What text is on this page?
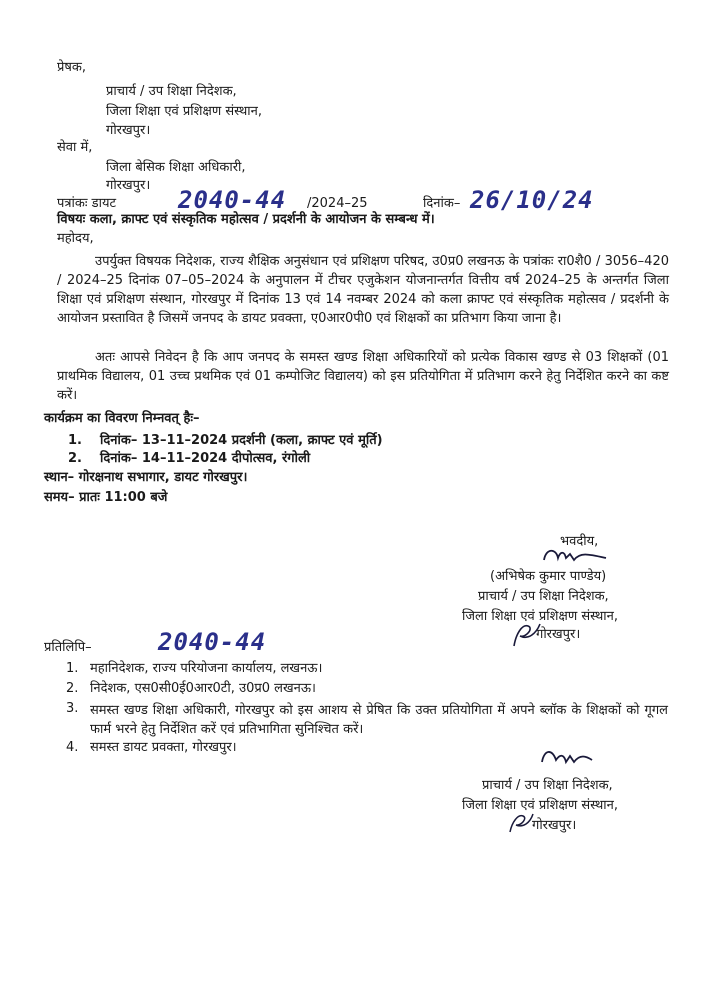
प्रेषक,
प्राचार्य / उप शिक्षा निदेशक,
जिला शिक्षा एवं प्रशिक्षण संस्थान,
गोरखपुर।
सेवा में,
जिला बेसिक शिक्षा अधिकारी,
गोरखपुर।
पत्रांकः डायट	2040-44 /2024–25	दिनांक– 26/10/24
विषयः कला, क्राफ्ट एवं संस्कृतिक महोत्सव / प्रदर्शनी के आयोजन के सम्बन्ध में।
महोदय,
उपर्युक्त विषयक निदेशक, राज्य शैक्षिक अनुसंधान एवं प्रशिक्षण परिषद, उ0प्र0 लखनऊ के पत्रांकः रा0शै0 / 3056–420 / 2024–25 दिनांक 07–05–2024 के अनुपालन में टीचर एजुकेशन योजनान्तर्गत वित्तीय वर्ष 2024–25 के अन्तर्गत जिला शिक्षा एवं प्रशिक्षण संस्थान, गोरखपुर में दिनांक 13 एवं 14 नवम्बर 2024 को कला क्राफ्ट एवं संस्कृतिक महोत्सव / प्रदर्शनी के आयोजन प्रस्तावित है जिसमें जनपद के डायट प्रवक्ता, ए0आर0पी0 एवं शिक्षकों का प्रतिभाग किया जाना है।
अतः आपसे निवेदन है कि आप जनपद के समस्त खण्ड शिक्षा अधिकारियों को प्रत्येक विकास खण्ड से 03 शिक्षकों (01 प्राथमिक विद्यालय, 01 उच्च प्रथमिक एवं 01 कम्पोजिट विद्यालय) को इस प्रतियोगिता में प्रतिभाग करने हेतु निर्देशित करने का कष्ट करें।
कार्यक्रम का विवरण निम्नवत् हैः–
1. दिनांक– 13–11–2024 प्रदर्शनी (कला, क्राफ्ट एवं मूर्ति)
2. दिनांक– 14–11–2024 दीपोत्सव, रंगोली
स्थान– गोरक्षनाथ सभागार, डायट गोरखपुर।
समय– प्रातः 11:00 बजे
भवदीय,
(अभिषेक कुमार पाण्डेय)
प्राचार्य / उप शिक्षा निदेशक,
जिला शिक्षा एवं प्रशिक्षण संस्थान,
गोरखपुर।
प्रतिलिपि–	2040-44
1. महानिदेशक, राज्य परियोजना कार्यालय, लखनऊ।
2. निदेशक, एस0सी0ई0आर0टी, उ0प्र0 लखनऊ।
3. समस्त खण्ड शिक्षा अधिकारी, गोरखपुर को इस आशय से प्रेषित कि उक्त प्रतियोगिता में अपने ब्लॉक के शिक्षकों को गूगल फार्म भरने हेतु निर्देशित करें एवं प्रतिभागिता सुनिश्चित करें।
4. समस्त डायट प्रवक्ता, गोरखपुर।
प्राचार्य / उप शिक्षा निदेशक,
जिला शिक्षा एवं प्रशिक्षण संस्थान,
गोरखपुर।
